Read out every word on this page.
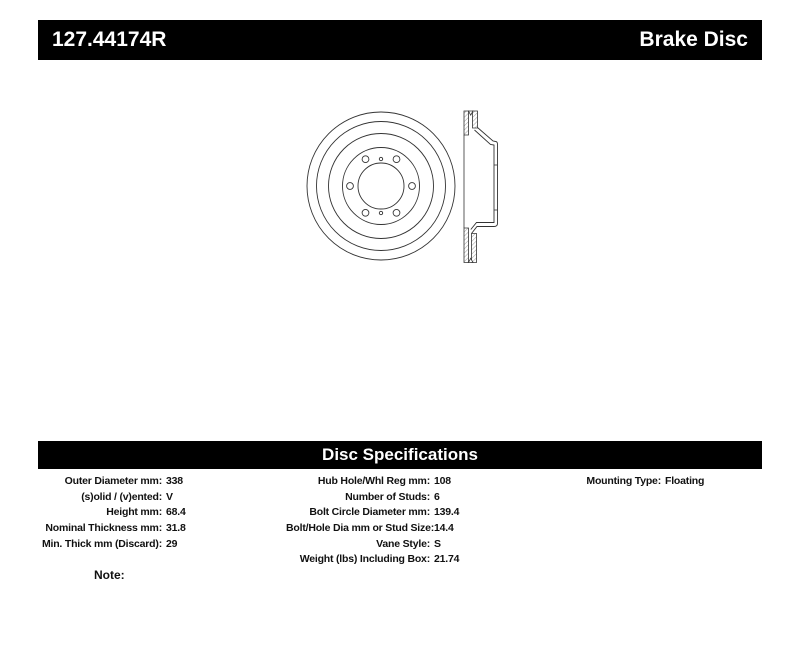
127.44174R	Brake Disc
Disc Specifications
Outer Diameter mm: 338
(s)olid / (v)ented: V
Height mm: 68.4
Nominal Thickness mm: 31.8
Min. Thick mm (Discard): 29
Hub Hole/Whl Reg mm: 108
Number of Studs: 6
Bolt Circle Diameter mm: 139.4
Bolt/Hole Dia mm or Stud Size: 14.4
Vane Style: S
Weight (lbs) Including Box: 21.74
Mounting Type: Floating
Note:
